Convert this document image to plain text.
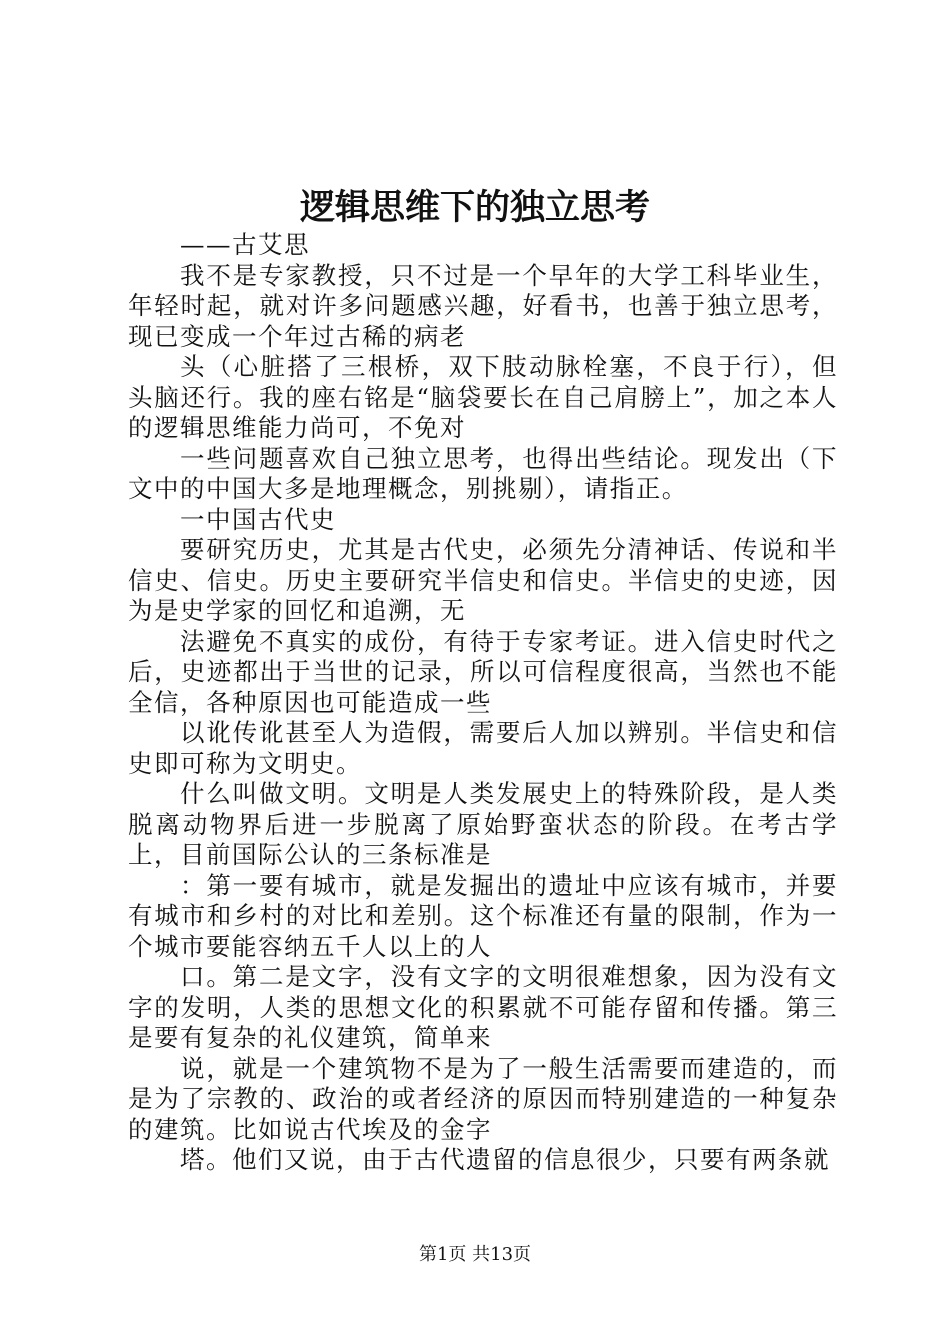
逻辑思维下的独立思考

——古艾思

我不是专家教授，只不过是一个早年的大学工科毕业生，年轻时起，就对许多问题感兴趣，好看书，也善于独立思考，现已变成一个年过古稀的病老

头（心脏搭了三根桥，双下肢动脉栓塞，不良于行），但头脑还行。我的座右铭是“脑袋要长在自己肩膀上”，加之本人的逻辑思维能力尚可，不免对

一些问题喜欢自己独立思考，也得出些结论。现发出（下文中的中国大多是地理概念，别挑剔），请指正。

一中国古代史

要研究历史，尤其是古代史，必须先分清神话、传说和半信史、信史。历史主要研究半信史和信史。半信史的史迹，因为是史学家的回忆和追溯，无

法避免不真实的成份，有待于专家考证。进入信史时代之后，史迹都出于当世的记录，所以可信程度很高，当然也不能全信，各种原因也可能造成一些

以讹传讹甚至人为造假，需要后人加以辨别。半信史和信史即可称为文明史。

什么叫做文明。文明是人类发展史上的特殊阶段，是人类脱离动物界后进一步脱离了原始野蛮状态的阶段。在考古学上，目前国际公认的三条标准是

：第一要有城市，就是发掘出的遗址中应该有城市，并要有城市和乡村的对比和差别。这个标准还有量的限制，作为一个城市要能容纳五千人以上的人

口。第二是文字，没有文字的文明很难想象，因为没有文字的发明，人类的思想文化的积累就不可能存留和传播。第三是要有复杂的礼仪建筑，简单来

说，就是一个建筑物不是为了一般生活需要而建造的，而是为了宗教的、政治的或者经济的原因而特别建造的一种复杂的建筑。比如说古代埃及的金字

塔。他们又说，由于古代遗留的信息很少，只要有两条就

第1页 共13页
